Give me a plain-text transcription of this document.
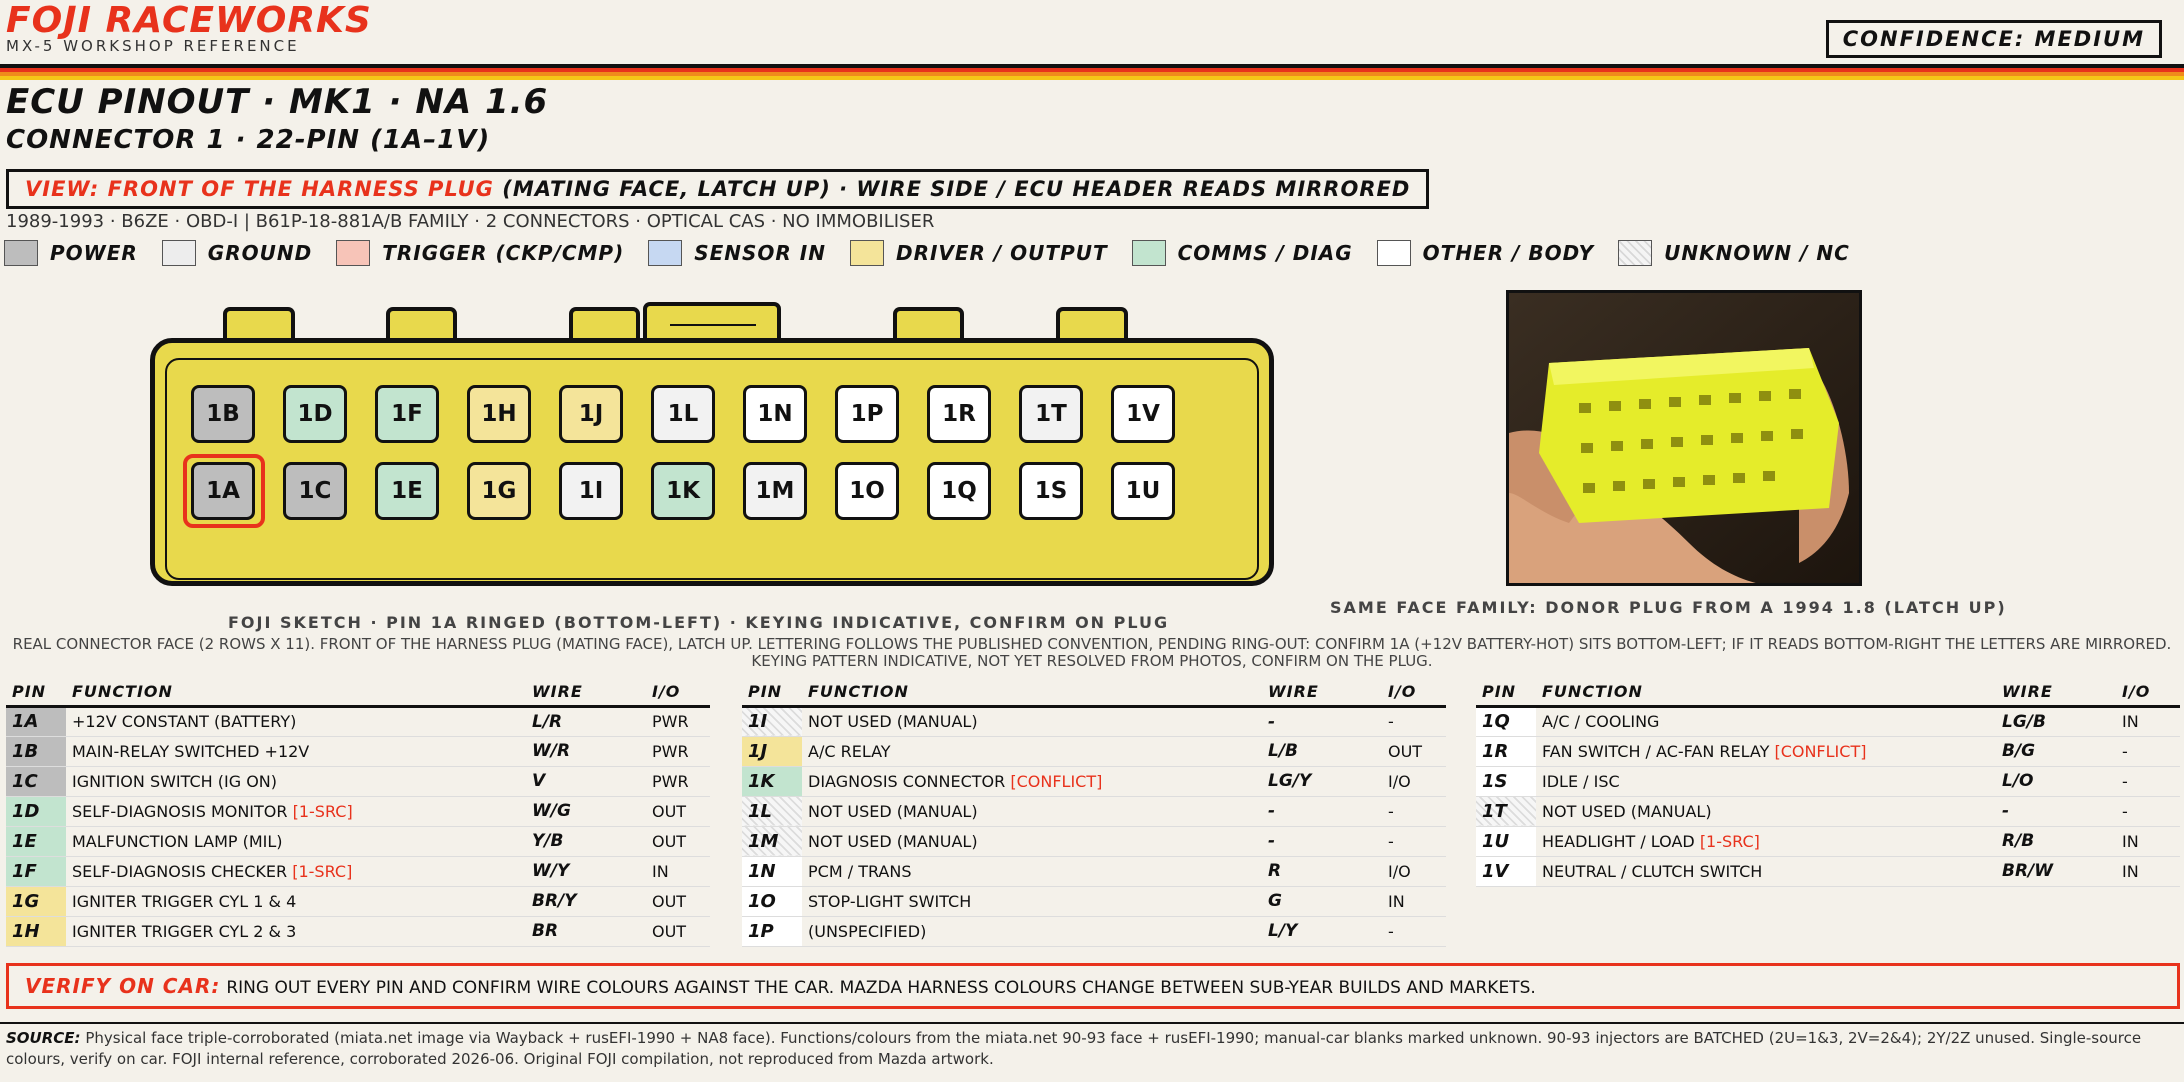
FOJI RACEWORKS
MX-5 WORKSHOP REFERENCE	CONFIDENCE: MEDIUM
ECU PINOUT · MK1 · NA 1.6
CONNECTOR 1 · 22-PIN (1A–1V)
VIEW: FRONT OF THE HARNESS PLUG (MATING FACE, LATCH UP) · WIRE SIDE / ECU HEADER READS MIRRORED
1989-1993 · B6ZE · OBD-I | B61P-18-881A/B FAMILY · 2 CONNECTORS · OPTICAL CAS · NO IMMOBILISER
POWER	GROUND	TRIGGER (CKP/CMP)	SENSOR IN	DRIVER / OUTPUT	COMMS / DIAG	OTHER / BODY	UNKNOWN / NC
1B	1D	1F	1H	1J	1L	1N	1P	1R	1T	1V
1A	1C	1E	1G	1I	1K	1M	1O	1Q	1S	1U
FOJI SKETCH · PIN 1A RINGED (BOTTOM-LEFT) · KEYING INDICATIVE, CONFIRM ON PLUG
SAME FACE FAMILY: DONOR PLUG FROM A 1994 1.8 (LATCH UP)
REAL CONNECTOR FACE (2 ROWS X 11). FRONT OF THE HARNESS PLUG (MATING FACE), LATCH UP. LETTERING FOLLOWS THE PUBLISHED CONVENTION, PENDING RING-OUT: CONFIRM 1A (+12V BATTERY-HOT) SITS BOTTOM-LEFT; IF IT READS BOTTOM-RIGHT THE LETTERS ARE MIRRORED. KEYING PATTERN INDICATIVE, NOT YET RESOLVED FROM PHOTOS, CONFIRM ON THE PLUG.
PIN	FUNCTION	WIRE	I/O
1A	+12V CONSTANT (BATTERY)	L/R	PWR
1B	MAIN-RELAY SWITCHED +12V	W/R	PWR
1C	IGNITION SWITCH (IG ON)	V	PWR
1D	SELF-DIAGNOSIS MONITOR [1-SRC]	W/G	OUT
1E	MALFUNCTION LAMP (MIL)	Y/B	OUT
1F	SELF-DIAGNOSIS CHECKER [1-SRC]	W/Y	IN
1G	IGNITER TRIGGER CYL 1 & 4	BR/Y	OUT
1H	IGNITER TRIGGER CYL 2 & 3	BR	OUT
PIN	FUNCTION	WIRE	I/O
1I	NOT USED (MANUAL)	-	-
1J	A/C RELAY	L/B	OUT
1K	DIAGNOSIS CONNECTOR [CONFLICT]	LG/Y	I/O
1L	NOT USED (MANUAL)	-	-
1M	NOT USED (MANUAL)	-	-
1N	PCM / TRANS	R	I/O
1O	STOP-LIGHT SWITCH	G	IN
1P	(UNSPECIFIED)	L/Y	-
PIN	FUNCTION	WIRE	I/O
1Q	A/C / COOLING	LG/B	IN
1R	FAN SWITCH / AC-FAN RELAY [CONFLICT]	B/G	-
1S	IDLE / ISC	L/O	-
1T	NOT USED (MANUAL)	-	-
1U	HEADLIGHT / LOAD [1-SRC]	R/B	IN
1V	NEUTRAL / CLUTCH SWITCH	BR/W	IN
VERIFY ON CAR: RING OUT EVERY PIN AND CONFIRM WIRE COLOURS AGAINST THE CAR. MAZDA HARNESS COLOURS CHANGE BETWEEN SUB-YEAR BUILDS AND MARKETS.
SOURCE: Physical face triple-corroborated (miata.net image via Wayback + rusEFI-1990 + NA8 face). Functions/colours from the miata.net 90-93 face + rusEFI-1990; manual-car blanks marked unknown. 90-93 injectors are BATCHED (2U=1&3, 2V=2&4); 2Y/2Z unused. Single-source colours, verify on car. FOJI internal reference, corroborated 2026-06. Original FOJI compilation, not reproduced from Mazda artwork.
